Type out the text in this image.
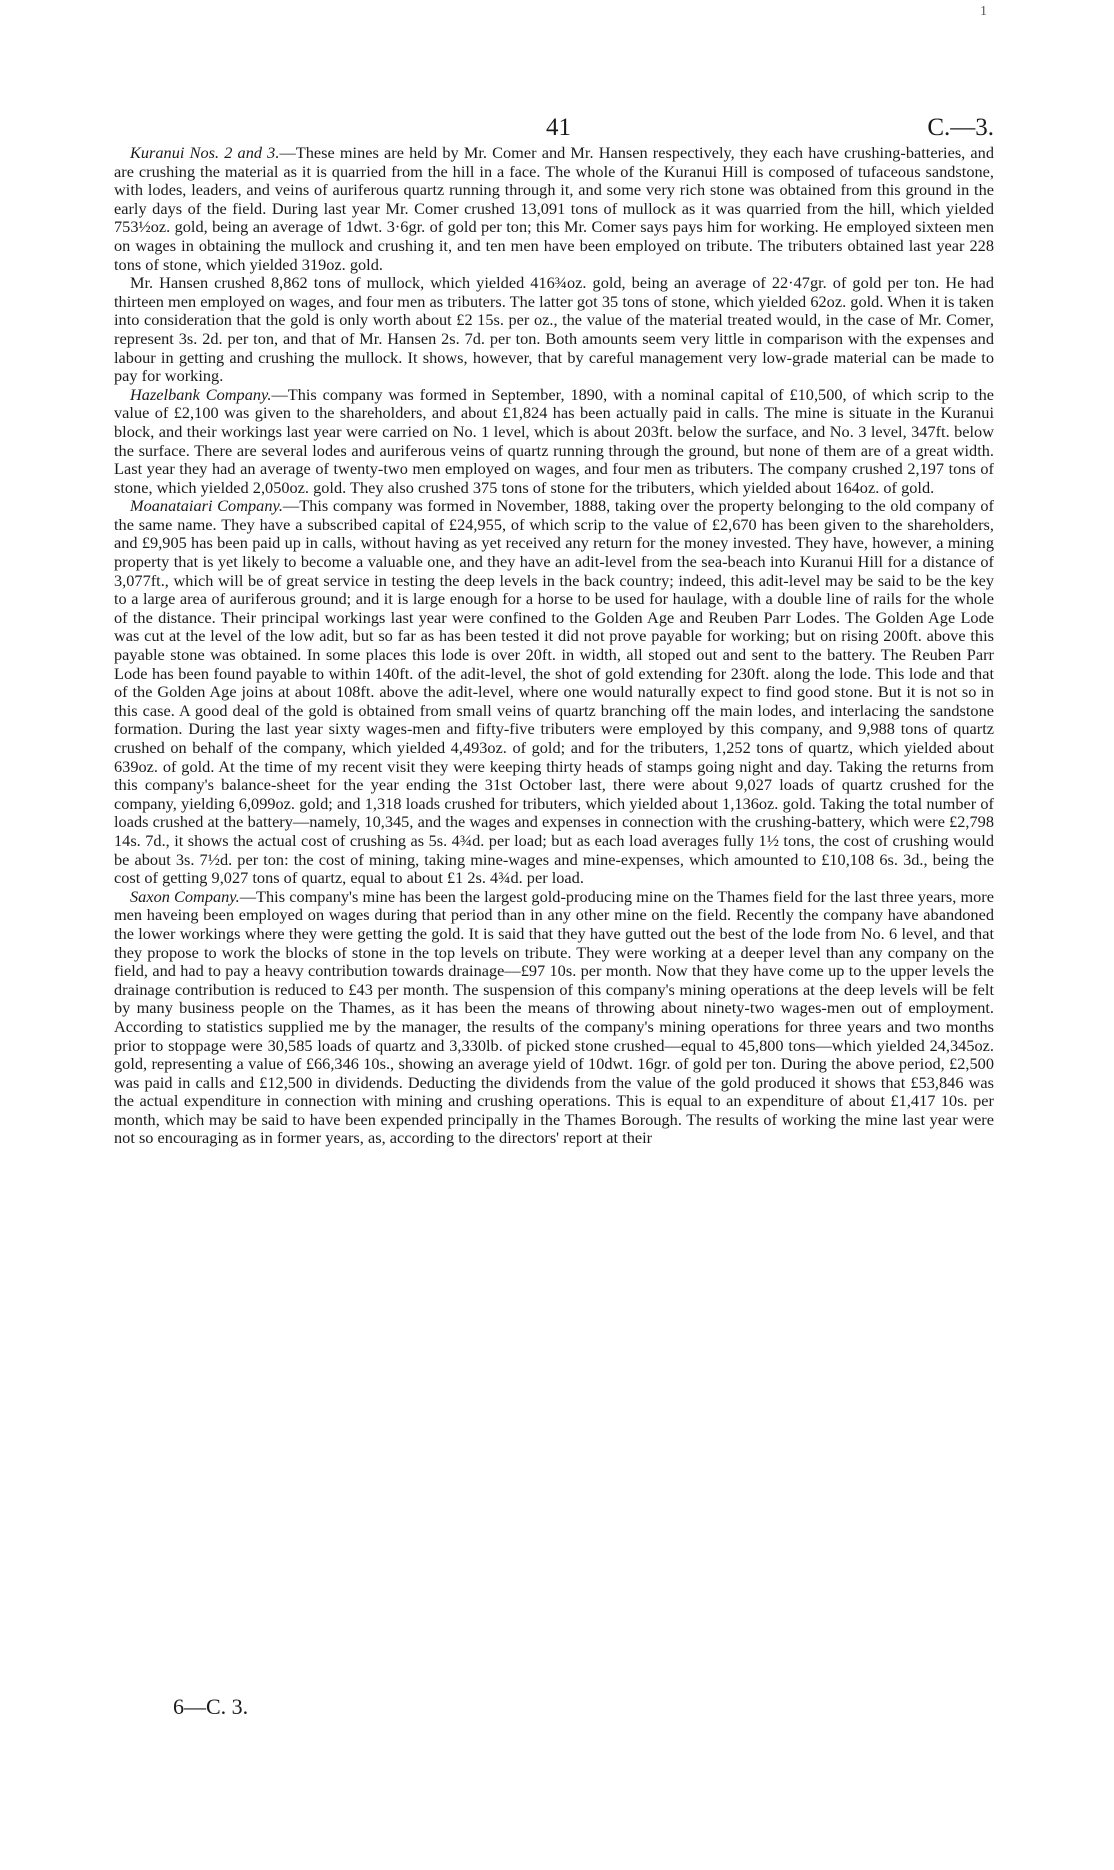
1
41	C.—3.

Kuranui Nos. 2 and 3.—These mines are held by Mr. Comer and Mr. Hansen respectively, they each have crushing-batteries, and are crushing the material as it is quarried from the hill in a face. The whole of the Kuranui Hill is composed of tufaceous sandstone, with lodes, leaders, and veins of auriferous quartz running through it, and some very rich stone was obtained from this ground in the early days of the field. During last year Mr. Comer crushed 13,091 tons of mullock as it was quarried from the hill, which yielded 753½oz. gold, being an average of 1dwt. 3·6gr. of gold per ton; this Mr. Comer says pays him for working. He employed sixteen men on wages in obtaining the mullock and crushing it, and ten men have been employed on tribute. The tributers obtained last year 228 tons of stone, which yielded 319oz. gold.

Mr. Hansen crushed 8,862 tons of mullock, which yielded 416¾oz. gold, being an average of 22·47gr. of gold per ton. He had thirteen men employed on wages, and four men as tributers. The latter got 35 tons of stone, which yielded 62oz. gold. When it is taken into consideration that the gold is only worth about £2 15s. per oz., the value of the material treated would, in the case of Mr. Comer, represent 3s. 2d. per ton, and that of Mr. Hansen 2s. 7d. per ton. Both amounts seem very little in comparison with the expenses and labour in getting and crushing the mullock. It shows, however, that by careful management very low-grade material can be made to pay for working.

Hazelbank Company.—This company was formed in September, 1890, with a nominal capital of £10,500, of which scrip to the value of £2,100 was given to the shareholders, and about £1,824 has been actually paid in calls. The mine is situate in the Kuranui block, and their workings last year were carried on No. 1 level, which is about 203ft. below the surface, and No. 3 level, 347ft. below the surface. There are several lodes and auriferous veins of quartz running through the ground, but none of them are of a great width. Last year they had an average of twenty-two men employed on wages, and four men as tributers. The company crushed 2,197 tons of stone, which yielded 2,050oz. gold. They also crushed 375 tons of stone for the tributers, which yielded about 164oz. of gold.

Moanataiari Company.—This company was formed in November, 1888, taking over the property belonging to the old company of the same name. They have a subscribed capital of £24,955, of which scrip to the value of £2,670 has been given to the shareholders, and £9,905 has been paid up in calls, without having as yet received any return for the money invested. They have, however, a mining property that is yet likely to become a valuable one, and they have an adit-level from the sea-beach into Kuranui Hill for a distance of 3,077ft., which will be of great service in testing the deep levels in the back country; indeed, this adit-level may be said to be the key to a large area of auriferous ground; and it is large enough for a horse to be used for haulage, with a double line of rails for the whole of the distance. Their principal workings last year were confined to the Golden Age and Reuben Parr Lodes. The Golden Age Lode was cut at the level of the low adit, but so far as has been tested it did not prove payable for working; but on rising 200ft. above this payable stone was obtained. In some places this lode is over 20ft. in width, all stoped out and sent to the battery. The Reuben Parr Lode has been found payable to within 140ft. of the adit-level, the shot of gold extending for 230ft. along the lode. This lode and that of the Golden Age joins at about 108ft. above the adit-level, where one would naturally expect to find good stone. But it is not so in this case. A good deal of the gold is obtained from small veins of quartz branching off the main lodes, and interlacing the sandstone formation. During the last year sixty wages-men and fifty-five tributers were employed by this company, and 9,988 tons of quartz crushed on behalf of the company, which yielded 4,493oz. of gold; and for the tributers, 1,252 tons of quartz, which yielded about 639oz. of gold. At the time of my recent visit they were keeping thirty heads of stamps going night and day. Taking the returns from this company's balance-sheet for the year ending the 31st October last, there were about 9,027 loads of quartz crushed for the company, yielding 6,099oz. gold; and 1,318 loads crushed for tributers, which yielded about 1,136oz. gold. Taking the total number of loads crushed at the battery—namely, 10,345, and the wages and expenses in connection with the crushing-battery, which were £2,798 14s. 7d., it shows the actual cost of crushing as 5s. 4¾d. per load; but as each load averages fully 1½ tons, the cost of crushing would be about 3s. 7½d. per ton: the cost of mining, taking mine-wages and mine-expenses, which amounted to £10,108 6s. 3d., being the cost of getting 9,027 tons of quartz, equal to about £1 2s. 4¾d. per load.

Saxon Company.—This company's mine has been the largest gold-producing mine on the Thames field for the last three years, more men haveing been employed on wages during that period than in any other mine on the field. Recently the company have abandoned the lower workings where they were getting the gold. It is said that they have gutted out the best of the lode from No. 6 level, and that they propose to work the blocks of stone in the top levels on tribute. They were working at a deeper level than any company on the field, and had to pay a heavy contribution towards drainage—£97 10s. per month. Now that they have come up to the upper levels the drainage contribution is reduced to £43 per month. The suspension of this company's mining operations at the deep levels will be felt by many business people on the Thames, as it has been the means of throwing about ninety-two wages-men out of employment. According to statistics supplied me by the manager, the results of the company's mining operations for three years and two months prior to stoppage were 30,585 loads of quartz and 3,330lb. of picked stone crushed—equal to 45,800 tons—which yielded 24,345oz. gold, representing a value of £66,346 10s., showing an average yield of 10dwt. 16gr. of gold per ton. During the above period, £2,500 was paid in calls and £12,500 in dividends. Deducting the dividends from the value of the gold produced it shows that £53,846 was the actual expenditure in connection with mining and crushing operations. This is equal to an expenditure of about £1,417 10s. per month, which may be said to have been expended principally in the Thames Borough. The results of working the mine last year were not so encouraging as in former years, as, according to the directors' report at their

6—C. 3.
